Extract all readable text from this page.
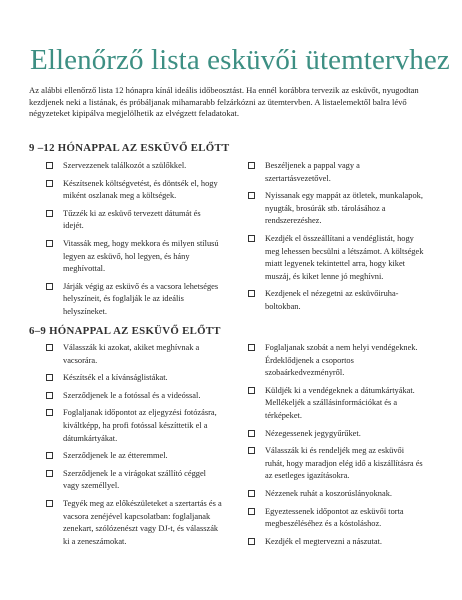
Ellenőrző lista esküvői ütemtervhez

Az alábbi ellenőrző lista 12 hónapra kínál ideális időbeosztást. Ha ennél korábbra tervezik az esküvőt, nyugodtan kezdjenek neki a listának, és próbáljanak mihamarabb felzárkózni az ütemtervben. A listaelemektől balra lévő négyzeteket kipipálva megjelölhetik az elvégzett feladatokat.

9 –12 HÓNAPPAL AZ ESKÜVŐ ELŐTT
Szervezzenek találkozót a szülőkkel.
Készítsenek költségvetést, és döntsék el, hogy miként oszlanak meg a költségek.
Tűzzék ki az esküvő tervezett dátumát és idejét.
Vitassák meg, hogy mekkora és milyen stílusú legyen az esküvő, hol legyen, és hány meghívottal.
Járják végig az esküvő és a vacsora lehetséges helyszíneit, és foglalják le az ideális helyszíneket.
Beszéljenek a pappal vagy a szertartásvezetővel.
Nyissanak egy mappát az ötletek, munkalapok, nyugták, brosúrák stb. tárolásához a rendszerezéshez.
Kezdjék el összeállítani a vendéglistát, hogy meg lehessen becsülni a létszámot. A költségek miatt legyenek tekintettel arra, hogy kiket muszáj, és kiket lenne jó meghívni.
Kezdjenek el nézegetni az esküvőiruha-boltokban.
6–9 HÓNAPPAL AZ ESKÜVŐ ELŐTT
Válasszák ki azokat, akiket meghívnak a vacsorára.
Készítsék el a kívánságlistákat.
Szerződjenek le a fotóssal és a videóssal.
Foglaljanak időpontot az eljegyzési fotózásra, kiváltképp, ha profi fotóssal készíttetik el a dátumkártyákat.
Szerződjenek le az étteremmel.
Szerződjenek le a virágokat szállító céggel vagy személlyel.
Tegyék meg az előkészületeket a szertartás és a vacsora zenéjével kapcsolatban: foglaljanak zenekart, szólózenészt vagy DJ-t, és válasszák ki a zeneszámokat.
Foglaljanak szobát a nem helyi vendégeknek. Érdeklődjenek a csoportos szobaárkedvezményről.
Küldjék ki a vendégeknek a dátumkártyákat. Mellékeljék a szállásinformációkat és a térképeket.
Nézegessenek jegygyűrűket.
Válasszák ki és rendeljék meg az esküvői ruhát, hogy maradjon elég idő a kiszállításra és az esetleges igazításokra.
Nézzenek ruhát a koszorúslányoknak.
Egyeztessenek időpontot az esküvői torta megbeszéléséhez és a kóstoláshoz.
Kezdjék el megtervezni a nászutat.
